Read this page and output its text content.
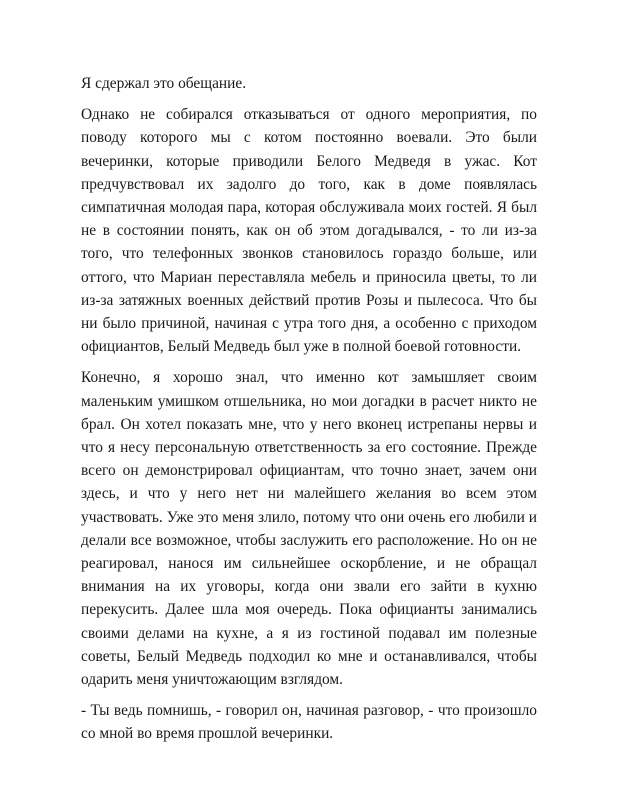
Я сдержал это обещание.

Однако не собирался отказываться от одного мероприятия, по поводу которого мы с котом постоянно воевали. Это были вечеринки, которые приводили Белого Медведя в ужас. Кот предчувствовал их задолго до того, как в доме появлялась симпатичная молодая пара, которая обслуживала моих гостей. Я был не в состоянии понять, как он об этом догадывался, - то ли из-за того, что телефонных звонков становилось гораздо больше, или оттого, что Мариан переставляла мебель и приносила цветы, то ли из-за затяжных военных действий против Розы и пылесоса. Что бы ни было причиной, начиная с утра того дня, а особенно с приходом официантов, Белый Медведь был уже в полной боевой готовности.

Конечно, я хорошо знал, что именно кот замышляет своим маленьким умишком отшельника, но мои догадки в расчет никто не брал. Он хотел показать мне, что у него вконец истрепаны нервы и что я несу персональную ответственность за его состояние. Прежде всего он демонстрировал официантам, что точно знает, зачем они здесь, и что у него нет ни малейшего желания во всем этом участвовать. Уже это меня злило, потому что они очень его любили и делали все возможное, чтобы заслужить его расположение. Но он не реагировал, нанося им сильнейшее оскорбление, и не обращал внимания на их уговоры, когда они звали его зайти в кухню перекусить. Далее шла моя очередь. Пока официанты занимались своими делами на кухне, а я из гостиной подавал им полезные советы, Белый Медведь подходил ко мне и останавливался, чтобы одарить меня уничтожающим взглядом.

- Ты ведь помнишь, - говорил он, начиная разговор, - что произошло со мной во время прошлой вечеринки.
